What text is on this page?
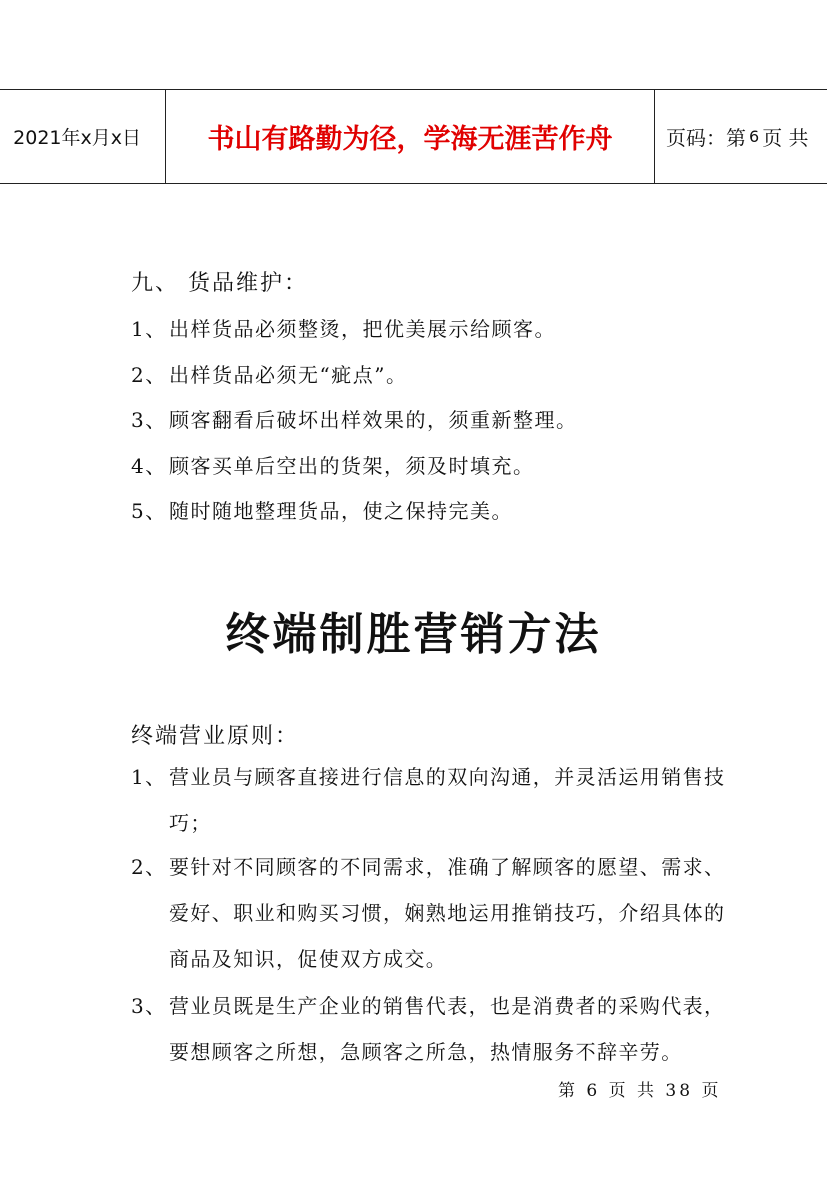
2021年x月x日	书山有路勤为径，学海无涯苦作舟	页码：第 6 页 共
九、 货品维护：
1、 出样货品必须整烫，把优美展示给顾客。
2、 出样货品必须无“疵点”。
3、 顾客翻看后破坏出样效果的，须重新整理。
4、 顾客买单后空出的货架，须及时填充。
5、 随时随地整理货品，使之保持完美。
终端制胜营销方法
终端营业原则：
1、 营业员与顾客直接进行信息的双向沟通，并灵活运用销售技巧；
2、 要针对不同顾客的不同需求，准确了解顾客的愿望、需求、爱好、职业和购买习惯，娴熟地运用推销技巧，介绍具体的商品及知识，促使双方成交。
3、 营业员既是生产企业的销售代表，也是消费者的采购代表，要想顾客之所想，急顾客之所急，热情服务不辞辛劳。
第 6 页 共 38 页
